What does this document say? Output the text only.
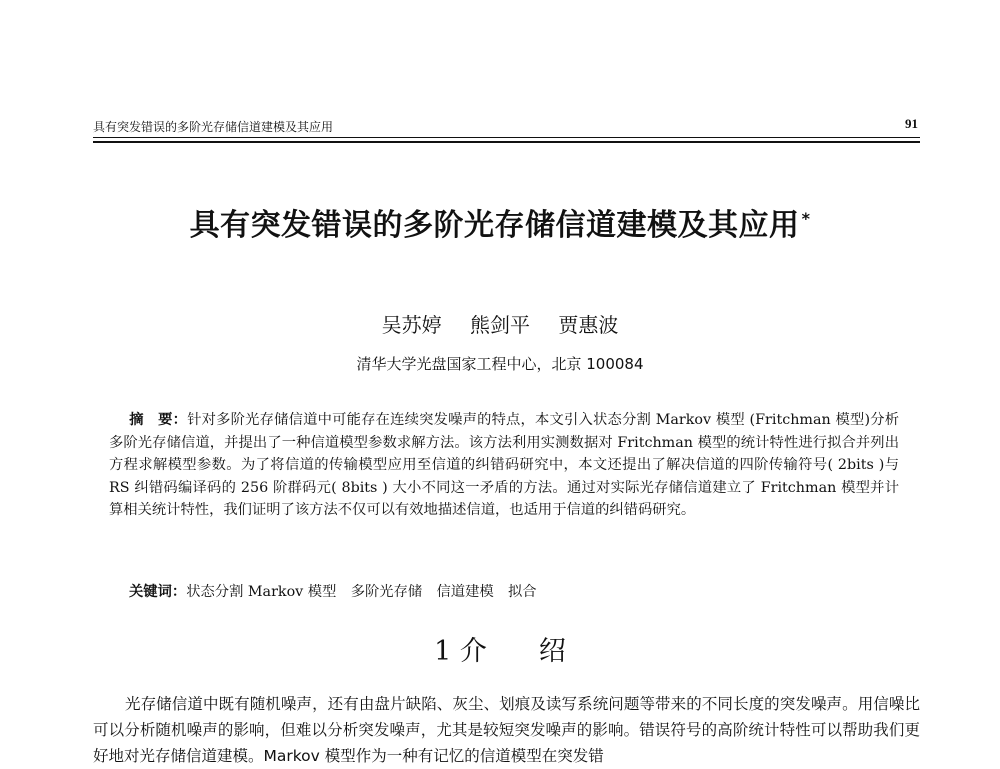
具有突发错误的多阶光存储信道建模及其应用	91
具有突发错误的多阶光存储信道建模及其应用 *
吴苏婷 熊剑平 贾惠波
清华大学光盘国家工程中心，北京 100084

摘　要：针对多阶光存储信道中可能存在连续突发噪声的特点，本文引入状态分割 Markov 模型 (Fritchman 模型)分析多阶光存储信道，并提出了一种信道模型参数求解方法。该方法利用实测数据对 Fritchman 模型的统计特性进行拟合并列出方程求解模型参数。为了将信道的传输模型应用至信道的纠错码研究中，本文还提出了解决信道的四阶传输符号( 2bits )与 RS 纠错码编译码的 256 阶群码元( 8bits ) 大小不同这一矛盾的方法。通过对实际光存储信道建立了 Fritchman 模型并计算相关统计特性，我们证明了该方法不仅可以有效地描述信道，也适用于信道的纠错码研究。

关键词：状态分割 Markov 模型　多阶光存储　信道建模　拟合
1 介 绍

光存储信道中既有随机噪声，还有由盘片缺陷、灰尘、划痕及读写系统问题等带来的不同长度的突发噪声。用信噪比可以分析随机噪声的影响，但难以分析突发噪声，尤其是较短突发噪声的影响。错误符号的高阶统计特性可以帮助我们更好地对光存储信道建模。Markov 模型作为一种有记忆的信道模型在突发错
